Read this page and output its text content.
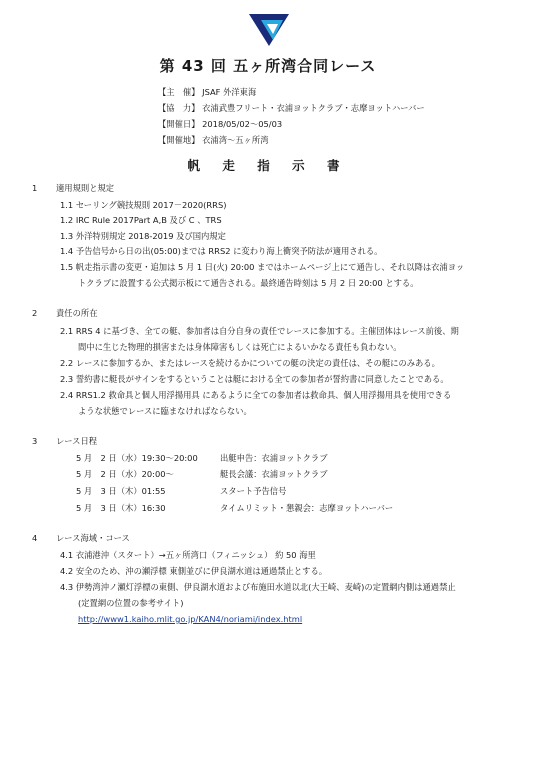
第 43 回 五ヶ所湾合同レース
【主　催】 JSAF 外洋東海
【協　力】 衣浦武豊フリート・衣浦ヨットクラブ・志摩ヨットハーバー
【開催日】 2018/05/02～05/03
【開催地】 衣浦湾～五ヶ所湾
帆 走 指 示 書
1 適用規則と規定
1.1 セーリング競技規則 2017－2020(RRS)
1.2 IRC Rule 2017Part A,B 及び C 、TRS
1.3 外洋特別規定 2018-2019 及び国内規定
1.4 予告信号から日の出(05:00)までは RRS2 に変わり海上衝突予防法が適用される。
1.5 帆走指示書の変更・追加は 5 月 1 日(火) 20:00 まではホームページ上にて通告し、それ以降は衣浦ヨッ
トクラブに設置する公式掲示板にて通告される。最終通告時刻は 5 月 2 日 20:00 とする。
2 責任の所在
2.1 RRS 4 に基づき、全ての艇、参加者は自分自身の責任でレースに参加する。主催団体はレース前後、期
間中に生じた物理的損害または身体障害もしくは死亡によるいかなる責任も負わない。
2.2 レースに参加するか、またはレースを続けるかについての艇の決定の責任は、その艇にのみある。
2.3 誓約書に艇長がサインをするということは艇における全ての参加者が誓約書に同意したことである。
2.4 RRS1.2 救命具と個人用浮揚用具 にあるように全ての参加者は救命具、個人用浮揚用具を使用できる
ような状態でレースに臨まなければならない。
3 レース日程
5 月　2 日（水）19:30～20:00	出艇申告：衣浦ヨットクラブ
5 月　2 日（水）20:00～	艇長会議：衣浦ヨットクラブ
5 月　3 日（木）01:55	スタート予告信号
5 月　3 日（木）16:30	タイムリミット・懇親会：志摩ヨットハーバー
4 レース海域・コース
4.1 衣浦港沖（スタート）→五ヶ所湾口（フィニッシュ） 約 50 海里
4.2 安全のため、沖の瀬浮標 東側並びに伊良湖水道は通過禁止とする。
4.3 伊勢湾沖ノ瀬灯浮標の東側、伊良湖水道および布施田水道以北(大王崎、麦崎)の定置網内側は通過禁止
(定置網の位置の参考サイト)
http://www1.kaiho.mlit.go.jp/KAN4/noriami/index.html
